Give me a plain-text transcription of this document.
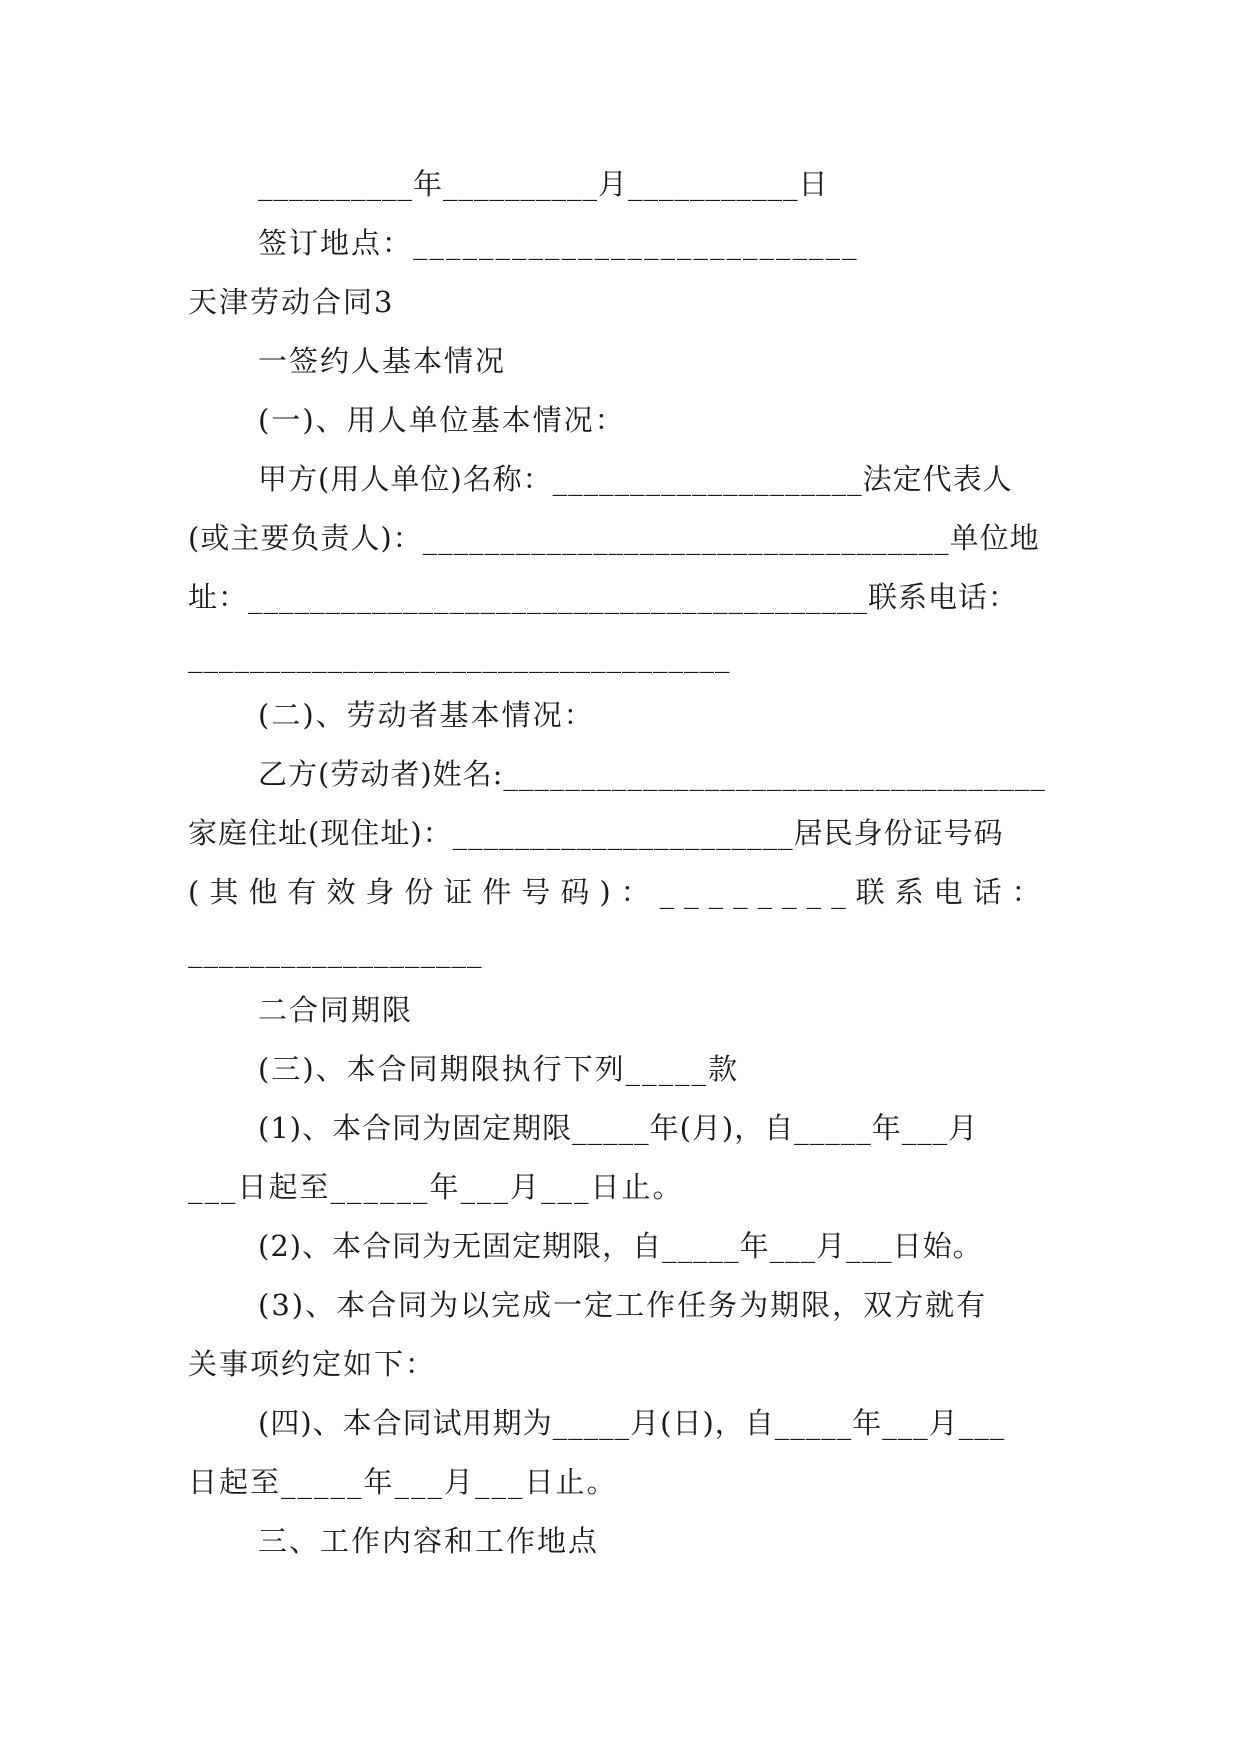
__________年__________月___________日
签订地点：___________________________
天津劳动合同3
一签约人基本情况
(一)、用人单位基本情况：
甲方(用人单位)名称：____________________法定代表人
(或主要负责人)：__________________________________单位地
址：________________________________________联系电话：
___________________________________
(二)、劳动者基本情况：
乙方(劳动者)姓名:___________________________________
家庭住址(现住址)：______________________居民身份证号码
(其他有效身份证件号码)：________联系电话：
___________________
二合同期限
(三)、本合同期限执行下列_____款
(1)、本合同为固定期限_____年(月)，自_____年___月
___日起至______年___月___日止。
(2)、本合同为无固定期限，自_____年___月___日始。
(3)、本合同为以完成一定工作任务为期限，双方就有
关事项约定如下：
(四)、本合同试用期为_____月(日)，自_____年___月___
日起至_____年___月___日止。
三、工作内容和工作地点
